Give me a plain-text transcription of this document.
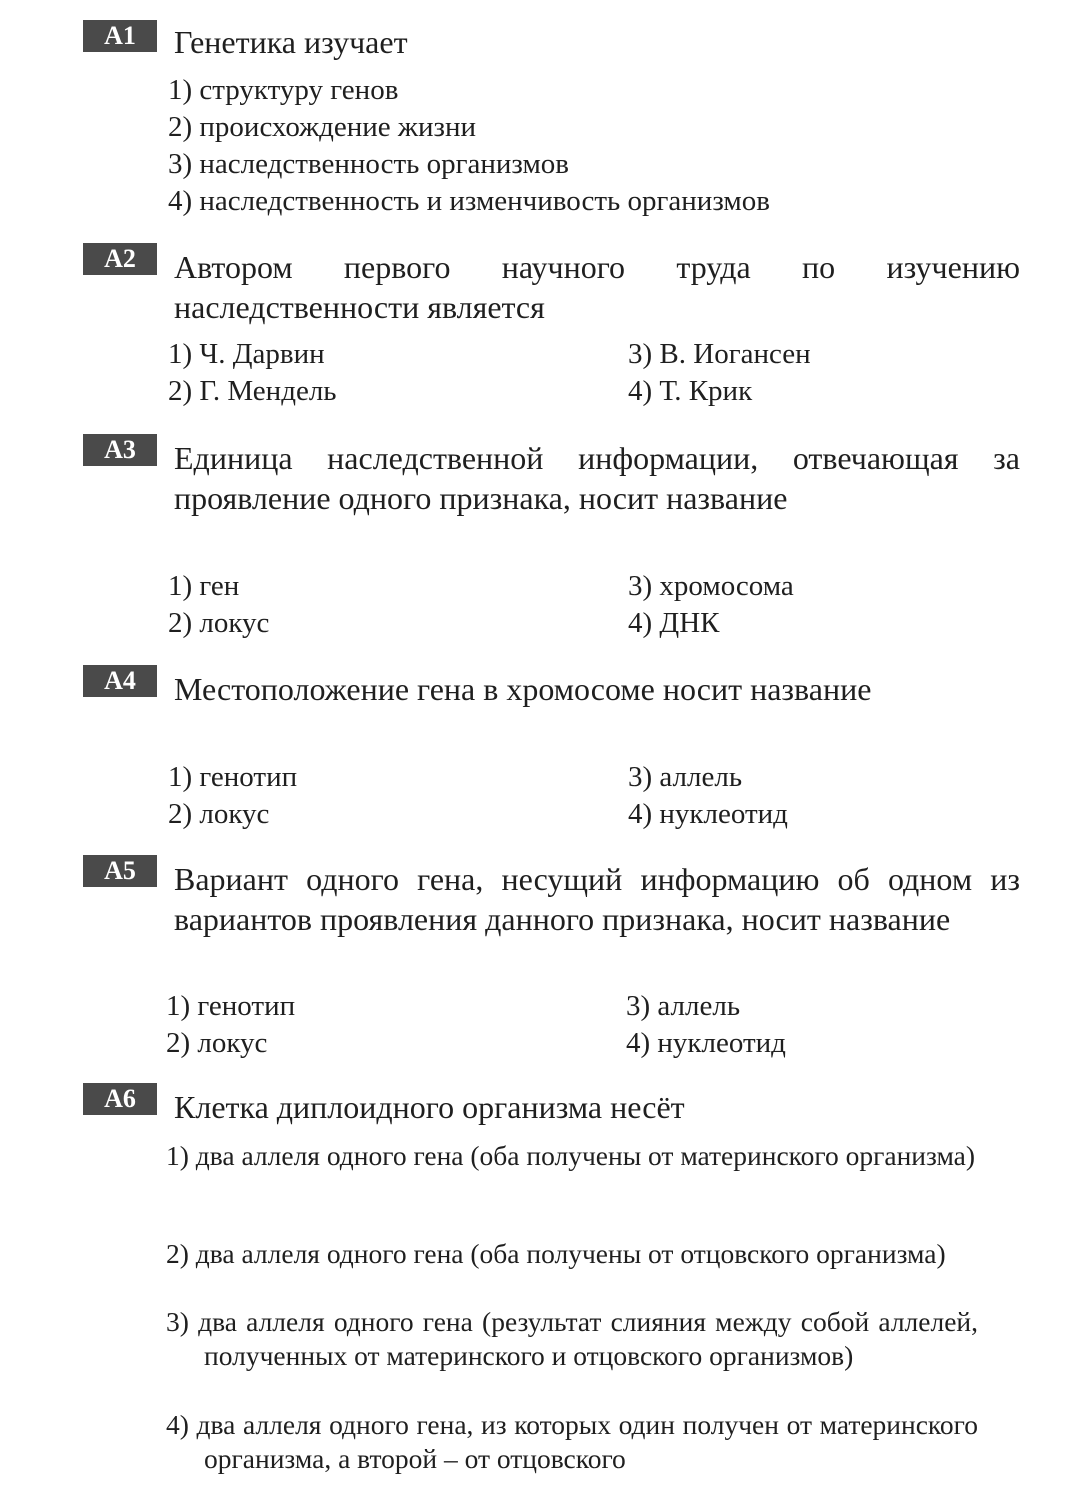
A1	Генетика изучает

1) структуру генов

2) происхождение жизни

3) наследственность организмов

4) наследственность и изменчивость организмов

A2	Автором первого научного труда по изучению наследственности является

1) Ч. Дарвин

2) Г. Мендель

3) В. Иогансен

4) Т. Крик

A3	Единица наследственной информации, отвечающая за проявление одного признака, носит название

1) ген

2) локус

3) хромосома

4) ДНК

A4	Местоположение гена в хромосоме носит название

1) генотип

2) локус

3) аллель

4) нуклеотид

A5	Вариант одного гена, несущий информацию об одном из вариантов проявления данного признака, носит название

1) генотип

2) локус

3) аллель

4) нуклеотид

A6	Клетка диплоидного организма несёт

1) два аллеля одного гена (оба получены от материнского организма)

2) два аллеля одного гена (оба получены от отцовского организма)

3) два аллеля одного гена (результат слияния между собой аллелей, полученных от материнского и отцовского организмов)

4) два аллеля одного гена, из которых один получен от материнского организма, а второй – от отцовского
